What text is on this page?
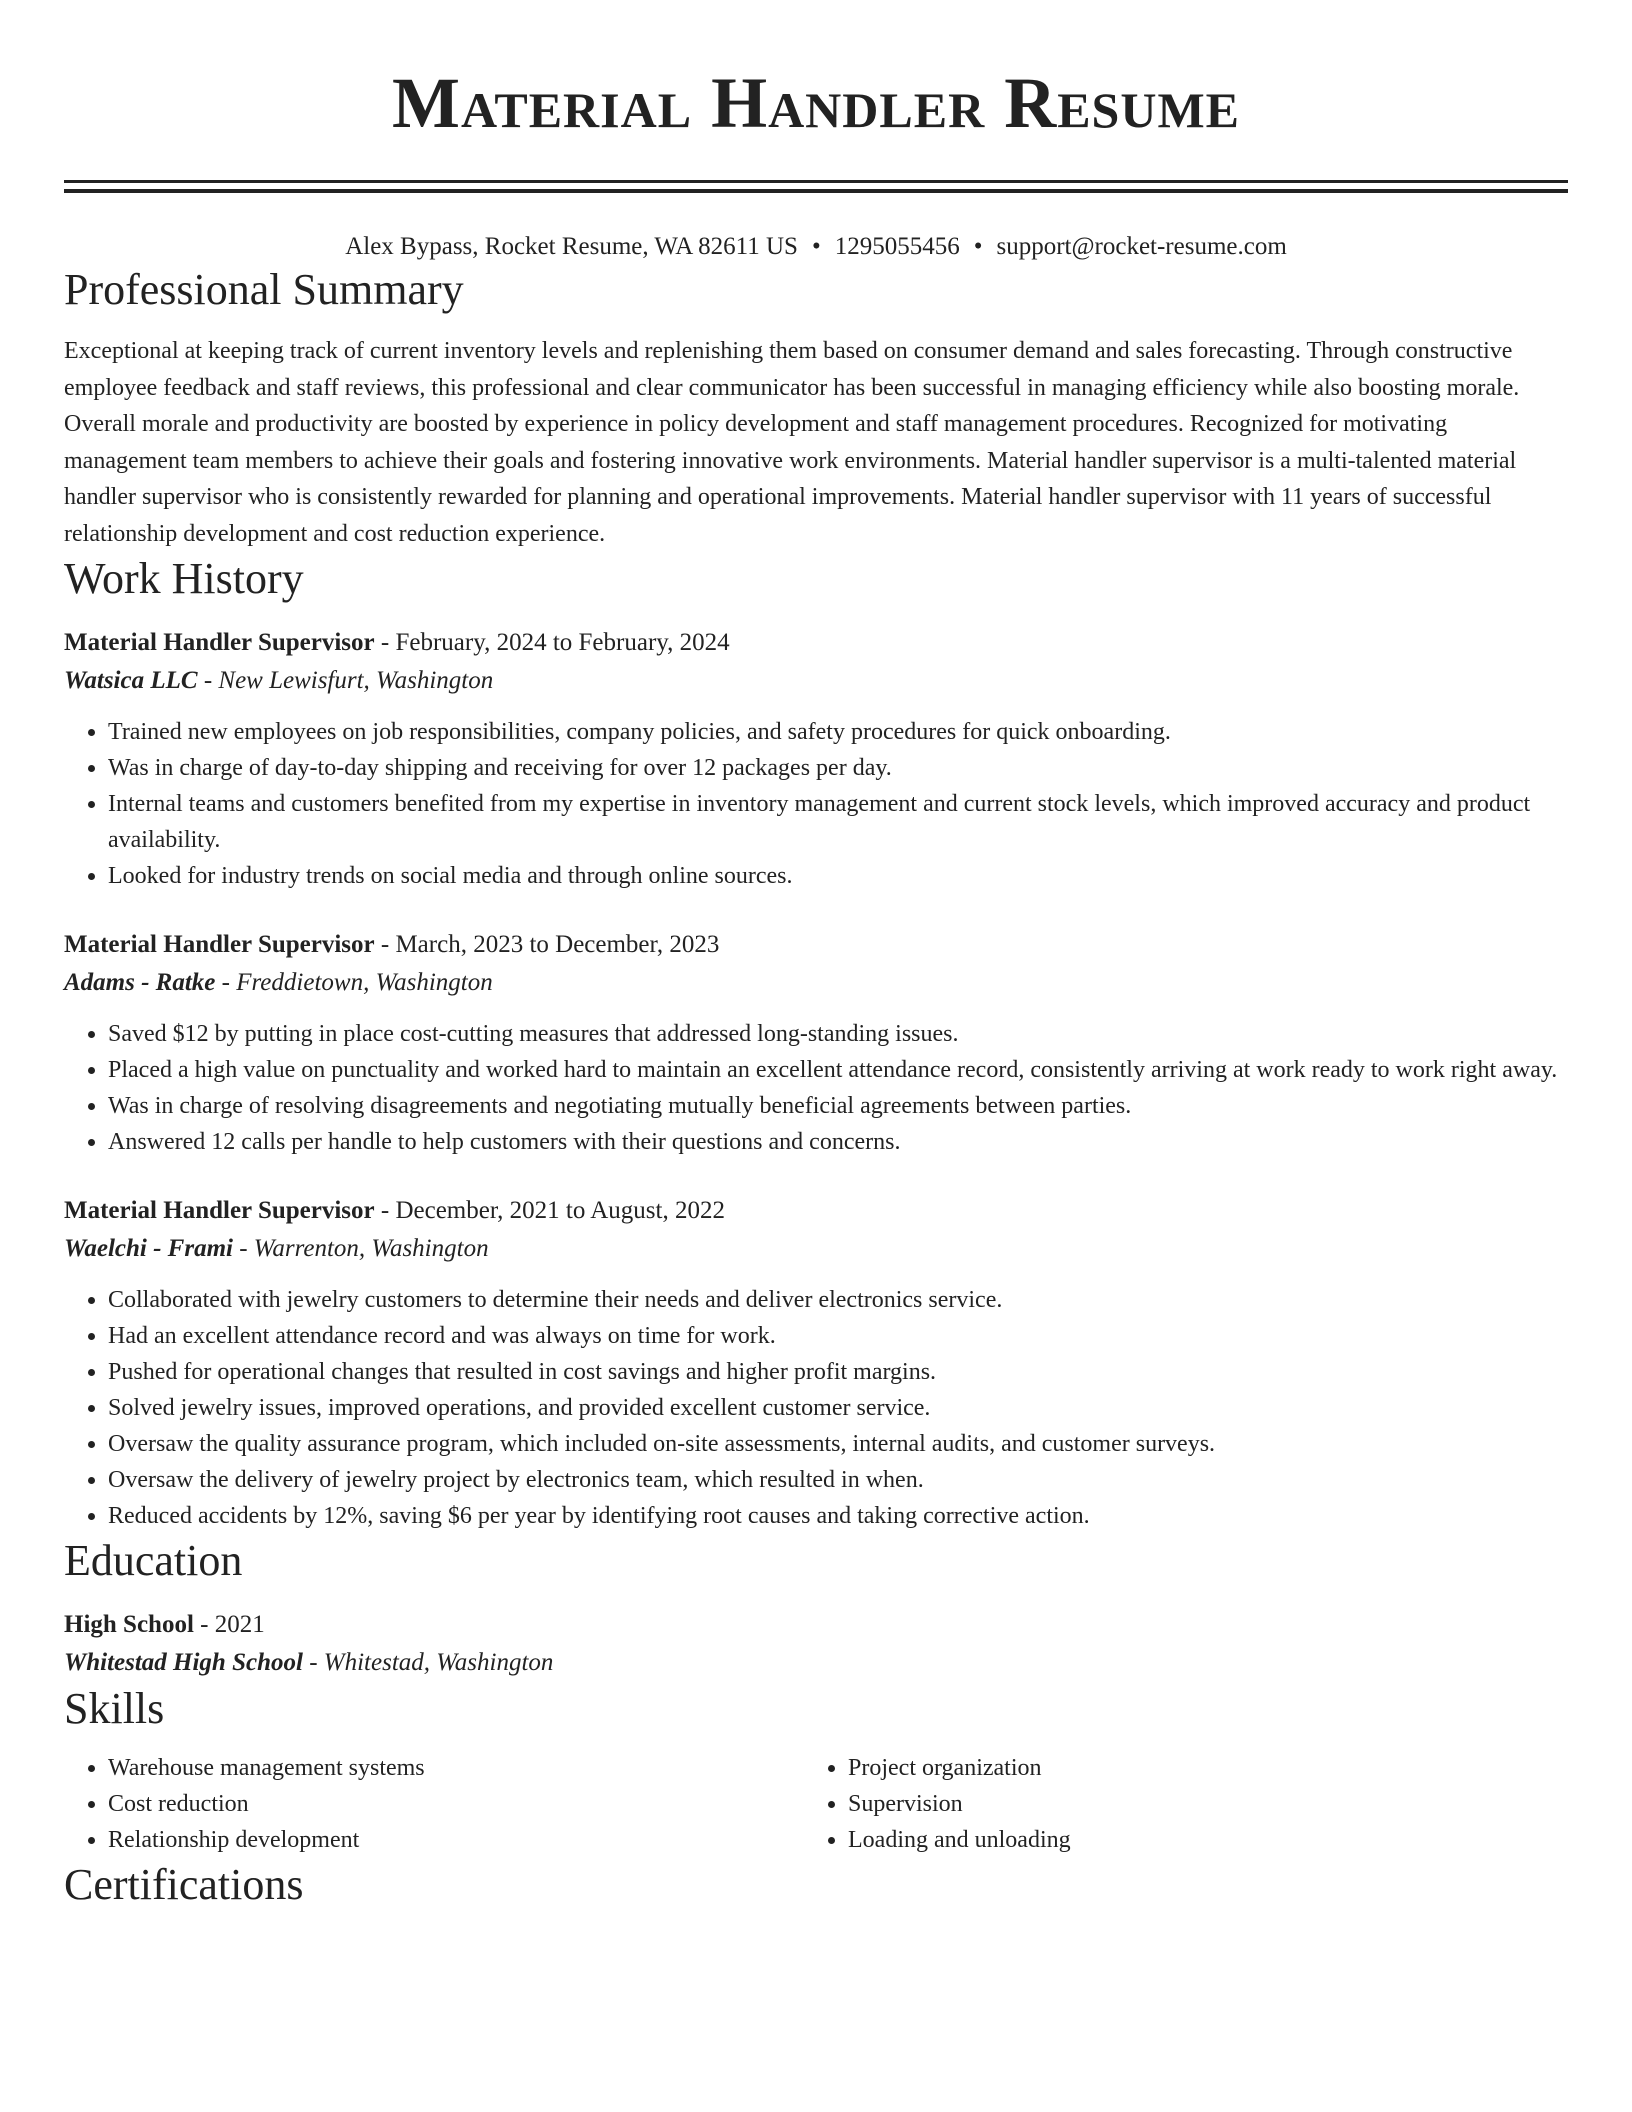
Material Handler Resume
Alex Bypass, Rocket Resume, WA 82611 US • 1295055456 • support@rocket-resume.com
Professional Summary

Exceptional at keeping track of current inventory levels and replenishing them based on consumer demand and sales forecasting. Through constructive employee feedback and staff reviews, this professional and clear communicator has been successful in managing efficiency while also boosting morale. Overall morale and productivity are boosted by experience in policy development and staff management procedures. Recognized for motivating management team members to achieve their goals and fostering innovative work environments. Material handler supervisor is a multi-talented material handler supervisor who is consistently rewarded for planning and operational improvements. Material handler supervisor with 11 years of successful relationship development and cost reduction experience.

Work History
Material Handler Supervisor - February, 2024 to February, 2024
Watsica LLC - New Lewisfurt, Washington
• Trained new employees on job responsibilities, company policies, and safety procedures for quick onboarding.
• Was in charge of day-to-day shipping and receiving for over 12 packages per day.
• Internal teams and customers benefited from my expertise in inventory management and current stock levels, which improved accuracy and product availability.
• Looked for industry trends on social media and through online sources.
Material Handler Supervisor - March, 2023 to December, 2023
Adams - Ratke - Freddietown, Washington
• Saved $12 by putting in place cost-cutting measures that addressed long-standing issues.
• Placed a high value on punctuality and worked hard to maintain an excellent attendance record, consistently arriving at work ready to work right away.
• Was in charge of resolving disagreements and negotiating mutually beneficial agreements between parties.
• Answered 12 calls per handle to help customers with their questions and concerns.
Material Handler Supervisor - December, 2021 to August, 2022
Waelchi - Frami - Warrenton, Washington
• Collaborated with jewelry customers to determine their needs and deliver electronics service.
• Had an excellent attendance record and was always on time for work.
• Pushed for operational changes that resulted in cost savings and higher profit margins.
• Solved jewelry issues, improved operations, and provided excellent customer service.
• Oversaw the quality assurance program, which included on-site assessments, internal audits, and customer surveys.
• Oversaw the delivery of jewelry project by electronics team, which resulted in when.
• Reduced accidents by 12%, saving $6 per year by identifying root causes and taking corrective action.
Education
High School - 2021
Whitestad High School - Whitestad, Washington
Skills
• Warehouse management systems
• Cost reduction
• Relationship development
• Project organization
• Supervision
• Loading and unloading
Certifications
